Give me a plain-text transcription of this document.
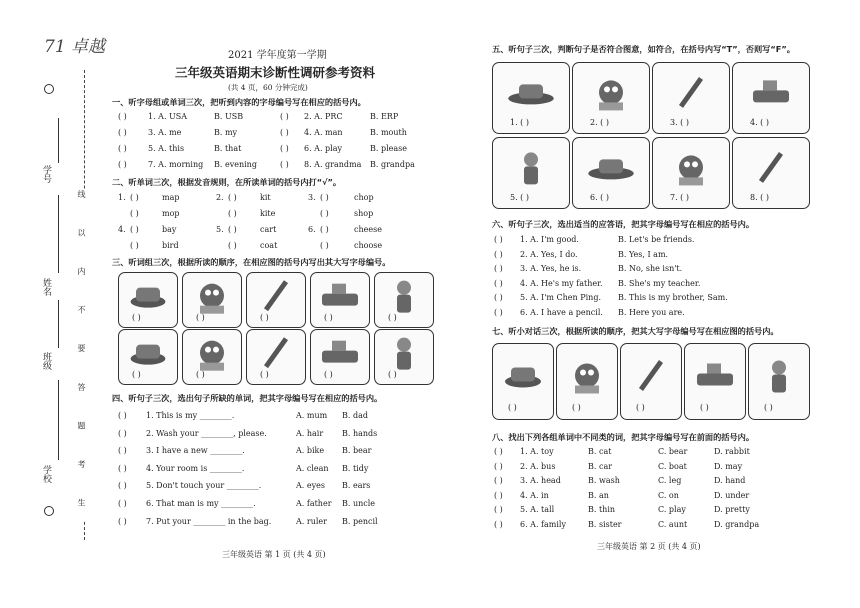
71 卓越
学号
姓名
班级
学校	线 以 内 不 要 答 题 考 生
2021 学年度第一学期
三年级英语期末诊断性调研参考资料
(共 4 页，60 分钟完成)
一、听字母组或单词三次，把听到内容的字母编号写在相应的括号内。
( )	1. A. USA	B. USB	( ) 2. A. PRC	B. ERP
( )	3. A. me	B. my	( ) 4. A. man	B. mouth
( )	5. A. this	B. that	( ) 6. A. play	B. please
( )	7. A. morning B. evening	( ) 8. A. grandma B. grandpa
二、听单词三次，根据发音规则，在所读单词的括号内打“√”。
1. ( )	map	2. ( )	kit	3. ( )	chop
( )	mop	( )	kite	( )	shop
4. ( )	bay	5. ( )	cart	6. ( )	cheese
( )	bird	( )	coat	( )	choose
三、听词组三次，根据所读的顺序，在相应图的括号内写出其大写字母编号。
( )	( )	( )	( )	( )
( )	( )	( )	( )	( )
四、听句子三次，选出句子所缺的单词，把其字母编号写在相应的括号内。
( ) 1. This is my ________.	A. mum B. dad
( ) 2. Wash your ________, please.	A. hair B. hands
( ) 3. I have a new ________.	A. bike B. bear
( ) 4. Your room is ________.	A. clean B. tidy
( ) 5. Don't touch your ________.	A. eyes B. ears
( ) 6. That man is my ________.	A. father B. uncle
( ) 7. Put your ________ in the bag.	A. ruler B. pencil
三年级英语 第 1 页 (共 4 页)
五、听句子三次，判断句子是否符合图意，如符合，在括号内写“T”，否则写“F”。
1. ( )	2. ( )	3. ( )	4. ( )
5. ( )	6. ( )	7. ( )	8. ( )
六、听句子三次，选出适当的应答语，把其字母编号写在相应的括号内。
( ) 1. A. I'm good.	B. Let's be friends.
( ) 2. A. Yes, I do.	B. Yes, I am.
( ) 3. A. Yes, he is.	B. No, she isn't.
( ) 4. A. He's my father. B. She's my teacher.
( ) 5. A. I'm Chen Ping. B. This is my brother, Sam.
( ) 6. A. I have a pencil. B. Here you are.
七、听小对话三次，根据所读的顺序，把其大写字母编号写在相应图的括号内。
( )	( )	( )	( )	( )
八、找出下列各组单词中不同类的词，把其字母编号写在前面的括号内。
( ) 1. A. toy	B. cat	C. bear	D. rabbit
( ) 2. A. bus	B. car	C. boat	D. may
( ) 3. A. head	B. wash	C. leg	D. hand
( ) 4. A. in	B. an	C. on	D. under
( ) 5. A. tall	B. thin	C. play	D. pretty
( ) 6. A. family	B. sister	C. aunt	D. grandpa
三年级英语 第 2 页 (共 4 页)
